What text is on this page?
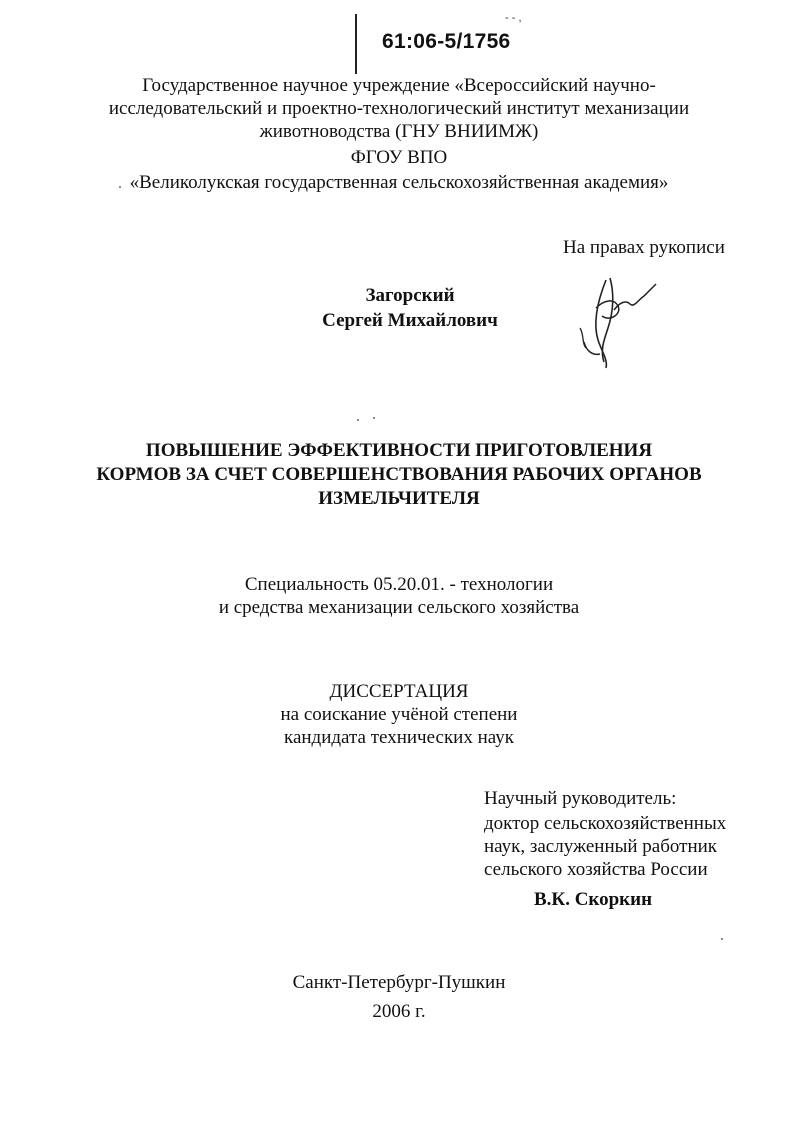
61:06-5/1756
- - ,
Государственное научное учреждение «Всероссийский научно-
исследовательский и проектно-технологический институт механизации
животноводства (ГНУ ВНИИМЖ)
ФГОУ ВПО
«Великолукская государственная сельскохозяйственная академия»
На правах рукописи
Загорский
Сергей Михайлович
ПОВЫШЕНИЕ ЭФФЕКТИВНОСТИ ПРИГОТОВЛЕНИЯ
КОРМОВ ЗА СЧЕТ СОВЕРШЕНСТВОВАНИЯ РАБОЧИХ ОРГАНОВ
ИЗМЕЛЬЧИТЕЛЯ
Специальность 05.20.01. - технологии
и средства механизации сельского хозяйства
ДИССЕРТАЦИЯ
на соискание учёной степени
кандидата технических наук
Научный руководитель:
доктор сельскохозяйственных
наук, заслуженный работник
сельского хозяйства России
В.К. Скоркин
Санкт-Петербург-Пушкин
2006 г.
